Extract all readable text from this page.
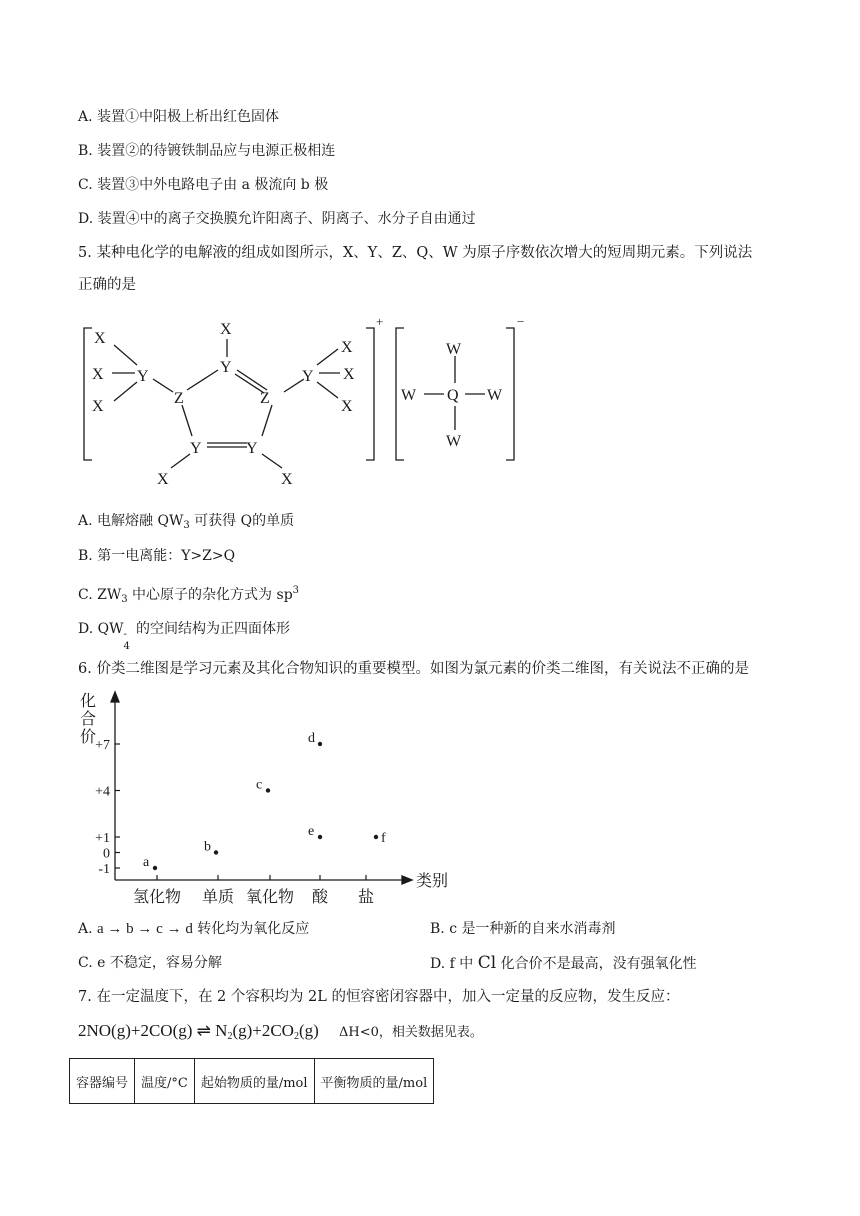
A. 装置①中阳极上析出红色固体
B. 装置②的待镀铁制品应与电源正极相连
C. 装置③中外电路电子由 a 极流向 b 极
D. 装置④中的离子交换膜允许阳离子、阴离子、水分子自由通过
5. 某种电化学的电解液的组成如图所示，X、Y、Z、Q、W 为原子序数依次增大的短周期元素。下列说法
正确的是
X
X
X
Y
X
Y
Z	Z
Y	Y
X	X
Y
X
X
X
W
W Q W
W
+	−
A. 电解熔融 $QW_3$ 可获得 Q的单质
B. 第一电离能：Y>Z>Q
C. $ZW_3$ 中心原子的杂化方式为 $sp^3$
D. QW -
4
的空间结构为正四面体形
6. 价类二维图是学习元素及其化合物知识的重要模型。如图为氯元素的价类二维图，有关说法不正确的是
+7
+4
+1
0
-1
氢化物 单质 氧化物 酸 盐
a
b
c
d
e	f
化
合
价
类别
A. a → b → c → d 转化均为氧化反应	B. c 是一种新的自来水消毒剂
C. e 不稳定，容易分解	D. f 中 Cl 化合价不是最高，没有强氧化性
7. 在一定温度下，在 2 个容积均为 2L 的恒容密闭容器中，加入一定量的反应物，发生反应：
2NO(g)+2CO(g) ⇌ $N_2(g)+2CO_2(g)$ ΔH<0，相关数据见表。
容器编号	温度/°C	起始物质的量/mol	平衡物质的量/mol
